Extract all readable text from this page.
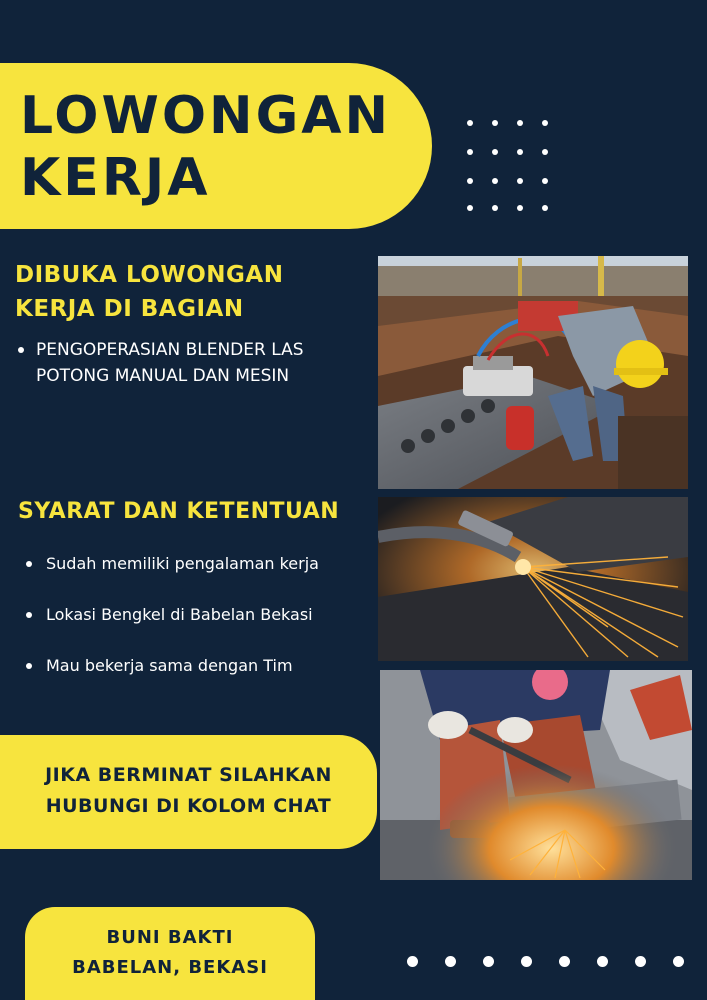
LOWONGAN
KERJA
DIBUKA LOWONGAN
KERJA DI BAGIAN
PENGOPERASIAN BLENDER LAS
POTONG MANUAL DAN MESIN
SYARAT DAN KETENTUAN
Sudah memiliki pengalaman kerja
Lokasi Bengkel di Babelan Bekasi
Mau bekerja sama dengan Tim
JIKA BERMINAT SILAHKAN
HUBUNGI DI KOLOM CHAT
BUNI BAKTI
BABELAN, BEKASI
